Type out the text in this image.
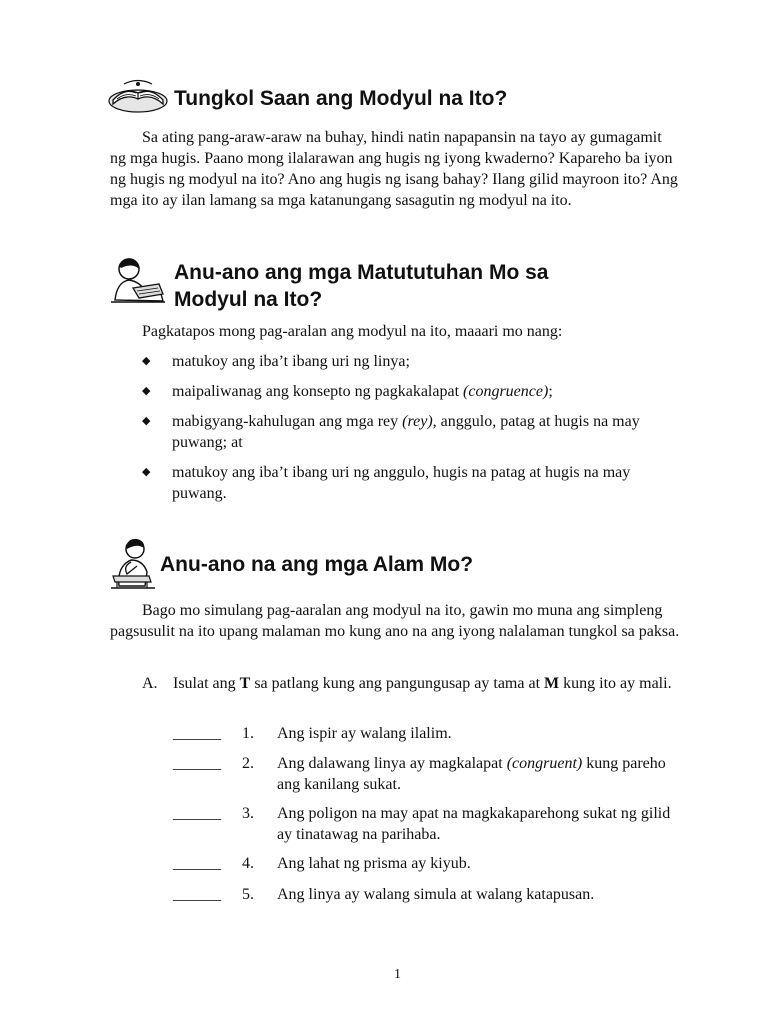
Tungkol Saan ang Modyul na Ito?

Sa ating pang-araw-araw na buhay, hindi natin napapansin na tayo ay gumagamit ng mga hugis. Paano mong ilalarawan ang hugis ng iyong kwaderno? Kapareho ba iyon ng hugis ng modyul na ito? Ano ang hugis ng isang bahay? Ilang gilid mayroon ito? Ang mga ito ay ilan lamang sa mga katanungang sasagutin ng modyul na ito.

Anu-ano ang mga Matututuhan Mo sa
Modyul na Ito?
Pagkatapos mong pag-aralan ang modyul na ito, maaari mo nang:
◆ matukoy ang iba’t ibang uri ng linya;
◆ maipaliwanag ang konsepto ng pagkakalapat (congruence);
◆ mabigyang-kahulugan ang mga rey (rey), anggulo, patag at hugis na may puwang; at
◆ matukoy ang iba’t ibang uri ng anggulo, hugis na patag at hugis na may puwang.
Anu-ano na ang mga Alam Mo?

Bago mo simulang pag-aaralan ang modyul na ito, gawin mo muna ang simpleng pagsusulit na ito upang malaman mo kung ano na ang iyong nalalaman tungkol sa paksa.

A. Isulat ang T sa patlang kung ang pangungusap ay tama at M kung ito ay mali.
______ 1. Ang ispir ay walang ilalim.
______ 2. Ang dalawang linya ay magkalapat (congruent) kung pareho ang kanilang sukat.
______ 3. Ang poligon na may apat na magkakaparehong sukat ng gilid ay tinatawag na parihaba.
______ 4. Ang lahat ng prisma ay kiyub.
______ 5. Ang linya ay walang simula at walang katapusan.
1
